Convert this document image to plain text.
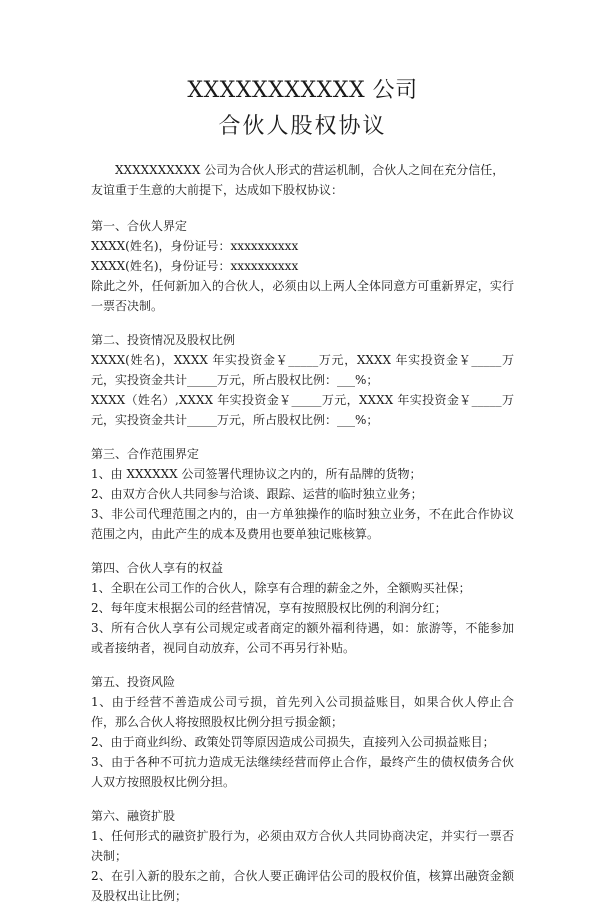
XXXXXXXXXXX 公司
合伙人股权协议

XXXXXXXXXX 公司为合伙人形式的营运机制，合伙人之间在充分信任，友谊重于生意的大前提下，达成如下股权协议：

第一、合伙人界定

XXXX(姓名)，身份证号：xxxxxxxxxx

XXXX(姓名)，身份证号：xxxxxxxxxx

除此之外，任何新加入的合伙人，必须由以上两人全体同意方可重新界定，实行一票否决制。

第二、投资情况及股权比例

XXXX(姓名)，XXXX 年实投资金￥_____万元，XXXX 年实投资金￥_____万元，实投资金共计_____万元，所占股权比例：___%；

XXXX（姓名）,XXXX 年实投资金￥_____万元，XXXX 年实投资金￥_____万元，实投资金共计_____万元，所占股权比例：___%；

第三、合作范围界定

1、由 XXXXXX 公司签署代理协议之内的，所有品牌的货物；

2、由双方合伙人共同参与洽谈、跟踪、运营的临时独立业务；

3、非公司代理范围之内的，由一方单独操作的临时独立业务，不在此合作协议范围之内，由此产生的成本及费用也要单独记账核算。

第四、合伙人享有的权益

1、全职在公司工作的合伙人，除享有合理的薪金之外，全额购买社保；

2、每年度末根据公司的经营情况，享有按照股权比例的利润分红；

3、所有合伙人享有公司规定或者商定的额外福利待遇，如：旅游等，不能参加或者接纳者，视同自动放弃，公司不再另行补贴。

第五、投资风险

1、由于经营不善造成公司亏损，首先列入公司损益账目，如果合伙人停止合作，那么合伙人将按照股权比例分担亏损金额；

2、由于商业纠纷、政策处罚等原因造成公司损失，直接列入公司损益账目；

3、由于各种不可抗力造成无法继续经营而停止合作，最终产生的债权债务合伙人双方按照股权比例分担。

第六、融资扩股

1、任何形式的融资扩股行为，必须由双方合伙人共同协商决定，并实行一票否决制；

2、在引入新的股东之前，合伙人要正确评估公司的股权价值，核算出融资金额及股权出让比例；
